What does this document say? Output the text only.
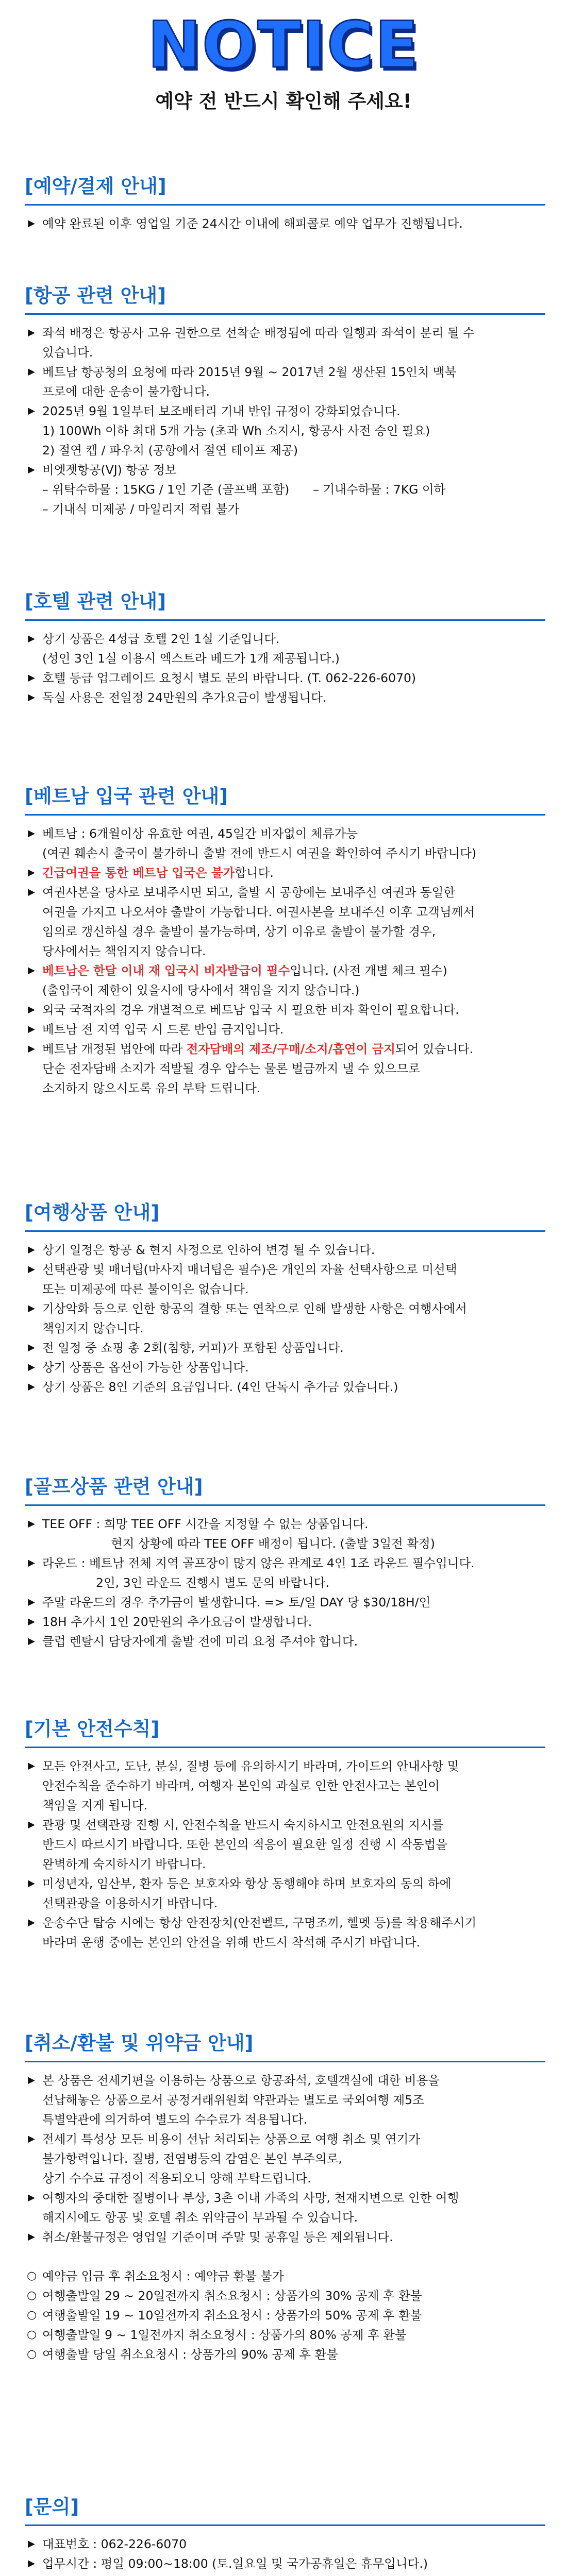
NOTICE
예약 전 반드시 확인해 주세요!
[예약/결제 안내]
▶ 예약 완료된 이후 영업일 기준 24시간 이내에 해피콜로 예약 업무가 진행됩니다.
[항공 관련 안내]
▶ 좌석 배정은 항공사 고유 권한으로 선착순 배정됨에 따라 일행과 좌석이 분리 될 수
있습니다.
▶ 베트남 항공청의 요청에 따라 2015년 9월 ~ 2017년 2월 생산된 15인치 맥북
프로에 대한 운송이 불가합니다.
▶ 2025년 9월 1일부터 보조배터리 기내 반입 규정이 강화되었습니다.
1) 100Wh 이하 최대 5개 가능 (초과 Wh 소지시, 항공사 사전 승인 필요)
2) 절연 캡 / 파우치 (공항에서 절연 테이프 제공)
▶ 비엣젯항공(VJ) 항공 정보
– 위탁수하물 : 15KG / 1인 기준 (골프백 포함) – 기내수하물 : 7KG 이하
– 기내식 미제공 / 마일리지 적립 불가
[호텔 관련 안내]
▶ 상기 상품은 4성급 호텔 2인 1실 기준입니다.
(성인 3인 1실 이용시 엑스트라 베드가 1개 제공됩니다.)
▶ 호텔 등급 업그레이드 요청시 별도 문의 바랍니다. (T. 062-226-6070)
▶ 독실 사용은 전일정 24만원의 추가요금이 발생됩니다.
[베트남 입국 관련 안내]
▶ 베트남 : 6개월이상 유효한 여권, 45일간 비자없이 체류가능
(여권 훼손시 출국이 불가하니 출발 전에 반드시 여권을 확인하여 주시기 바랍니다)
▶ 긴급여권을 통한 베트남 입국은 불가합니다.
▶ 여권사본을 당사로 보내주시면 되고, 출발 시 공항에는 보내주신 여권과 동일한
여권을 가지고 나오셔야 출발이 가능합니다. 여권사본을 보내주신 이후 고객님께서
임의로 갱신하실 경우 출발이 불가능하며, 상기 이유로 출발이 불가할 경우,
당사에서는 책임지지 않습니다.
▶ 베트남은 한달 이내 재 입국시 비자발급이 필수입니다. (사전 개별 체크 필수)
(출입국이 제한이 있을시에 당사에서 책임을 지지 않습니다.)
▶ 외국 국적자의 경우 개별적으로 베트남 입국 시 필요한 비자 확인이 필요합니다.
▶ 베트남 전 지역 입국 시 드론 반입 금지입니다.
▶ 베트남 개정된 법안에 따라 전자담배의 제조/구매/소지/흡연이 금지되어 있습니다.
단순 전자담배 소지가 적발될 경우 압수는 물론 벌금까지 낼 수 있으므로
소지하지 않으시도록 유의 부탁 드립니다.
[여행상품 안내]
▶ 상기 일정은 항공 & 현지 사정으로 인하여 변경 될 수 있습니다.
▶ 선택관광 및 매너팁(마사지 매너팁은 필수)은 개인의 자율 선택사항으로 미선택
또는 미제공에 따른 불이익은 없습니다.
▶ 기상악화 등으로 인한 항공의 결항 또는 연착으로 인해 발생한 사항은 여행사에서
책임지지 않습니다.
▶ 전 일정 중 쇼핑 총 2회(침향, 커피)가 포함된 상품입니다.
▶ 상기 상품은 옵션이 가능한 상품입니다.
▶ 상기 상품은 8인 기준의 요금입니다. (4인 단독시 추가금 있습니다.)
[골프상품 관련 안내]
▶ TEE OFF : 희망 TEE OFF 시간을 지정할 수 없는 상품입니다.
현지 상황에 따라 TEE OFF 배정이 됩니다. (출발 3일전 확정)
▶ 라운드 : 베트남 전체 지역 골프장이 많지 않은 관계로 4인 1조 라운드 필수입니다.
2인, 3인 라운드 진행시 별도 문의 바랍니다.
▶ 주말 라운드의 경우 추가금이 발생합니다. => 토/일 DAY 당 $30/18H/인
▶ 18H 추가시 1인 20만원의 추가요금이 발생합니다.
▶ 클럽 렌탈시 담당자에게 출발 전에 미리 요청 주셔야 합니다.
[기본 안전수칙]
▶ 모든 안전사고, 도난, 분실, 질병 등에 유의하시기 바라며, 가이드의 안내사항 및
안전수칙을 준수하기 바라며, 여행자 본인의 과실로 인한 안전사고는 본인이
책임을 지게 됩니다.
▶ 관광 및 선택관광 진행 시, 안전수칙을 반드시 숙지하시고 안전요원의 지시를
반드시 따르시기 바랍니다. 또한 본인의 적응이 필요한 일정 진행 시 작동법을
완벽하게 숙지하시기 바랍니다.
▶ 미성년자, 임산부, 환자 등은 보호자와 항상 동행해야 하며 보호자의 동의 하에
선택관광을 이용하시기 바랍니다.
▶ 운송수단 탑승 시에는 항상 안전장치(안전벨트, 구명조끼, 헬멧 등)를 착용해주시기
바라며 운행 중에는 본인의 안전을 위해 반드시 착석해 주시기 바랍니다.
[취소/환불 및 위약금 안내]
▶ 본 상품은 전세기편을 이용하는 상품으로 항공좌석, 호텔객실에 대한 비용을
선납해놓은 상품으로서 공정거래위원회 약관과는 별도로 국외여행 제5조
특별약관에 의거하여 별도의 수수료가 적용됩니다.
▶ 전세기 특성상 모든 비용이 선납 처리되는 상품으로 여행 취소 및 연기가
불가항력입니다. 질병, 전염병등의 감염은 본인 부주의로,
상기 수수료 규정이 적용되오니 양해 부탁드립니다.
▶ 여행자의 중대한 질병이나 부상, 3촌 이내 가족의 사망, 천재지변으로 인한 여행
해지시에도 항공 및 호텔 취소 위약금이 부과될 수 있습니다.
▶ 취소/환불규정은 영업일 기준이며 주말 및 공휴일 등은 제외됩니다.
○ 예약금 입금 후 취소요청시 : 예약금 환불 불가
○ 여행출발일 29 ~ 20일전까지 취소요청시 : 상품가의 30% 공제 후 환불
○ 여행출발일 19 ~ 10일전까지 취소요청시 : 상품가의 50% 공제 후 환불
○ 여행출발일 9 ~ 1일전까지 취소요청시 : 상품가의 80% 공제 후 환불
○ 여행출발 당일 취소요청시 : 상품가의 90% 공제 후 환불
[문의]
▶ 대표번호 : 062-226-6070
▶ 업무시간 : 평일 09:00~18:00 (토.일요일 및 국가공휴일은 휴무입니다.)
